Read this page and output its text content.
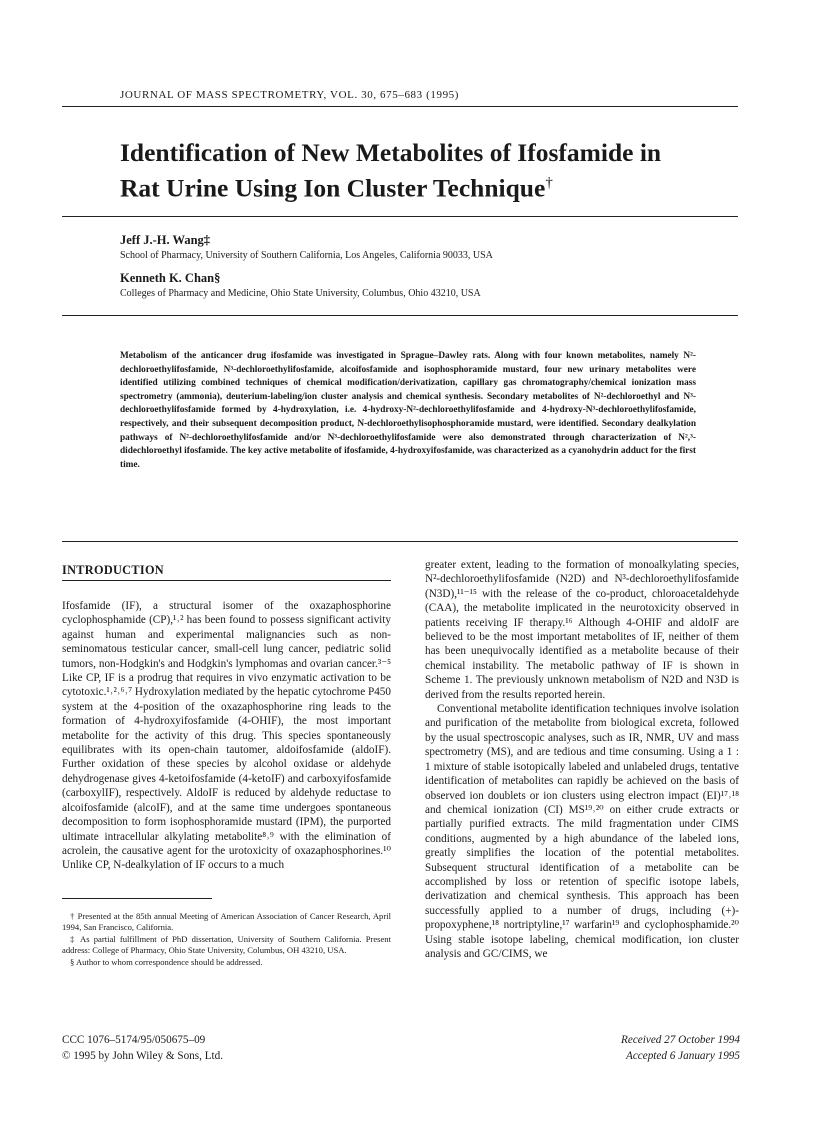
JOURNAL OF MASS SPECTROMETRY, VOL. 30, 675–683 (1995)
Identification of New Metabolites of Ifosfamide in
Rat Urine Using Ion Cluster Technique†
Jeff J.-H. Wang‡
School of Pharmacy, University of Southern California, Los Angeles, California 90033, USA
Kenneth K. Chan§
Colleges of Pharmacy and Medicine, Ohio State University, Columbus, Ohio 43210, USA
Metabolism of the anticancer drug ifosfamide was investigated in Sprague–Dawley rats. Along with four known metabolites, namely N²-dechloroethylifosfamide, N³-dechloroethylifosfamide, alcoifosfamide and isophosphoramide mustard, four new urinary metabolites were identified utilizing combined techniques of chemical modification/derivatization, capillary gas chromatography/chemical ionization mass spectrometry (ammonia), deuterium-labeling/ion cluster analysis and chemical synthesis. Secondary metabolites of N²-dechloroethyl and N³-dechloroethylifosfamide formed by 4-hydroxylation, i.e. 4-hydroxy-N²-dechloroethylifosfamide and 4-hydroxy-N³-dechloroethylifosfamide, respectively, and their subsequent decomposition product, N-dechloroethylisophosphoramide mustard, were identified. Secondary dealkylation pathways of N²-dechloroethylifosfamide and/or N³-dechloroethylifosfamide were also demonstrated through characterization of N²,³-didechloroethyl ifosfamide. The key active metabolite of ifosfamide, 4-hydroxyifosfamide, was characterized as a cyanohydrin adduct for the first time.
INTRODUCTION

Ifosfamide (IF), a structural isomer of the oxazaphosphorine cyclophosphamide (CP),¹˒² has been found to possess significant activity against human and experimental malignancies such as non-seminomatous testicular cancer, small-cell lung cancer, pediatric solid tumors, non-Hodgkin's and Hodgkin's lymphomas and ovarian cancer.³⁻⁵ Like CP, IF is a prodrug that requires in vivo enzymatic activation to be cytotoxic.¹˒²˒⁶˒⁷ Hydroxylation mediated by the hepatic cytochrome P450 system at the 4-position of the oxazaphosphorine ring leads to the formation of 4-hydroxyifosfamide (4-OHIF), the most important metabolite for the activity of this drug. This species spontaneously equilibrates with its open-chain tautomer, aldoifosfamide (aldoIF). Further oxidation of these species by alcohol oxidase or aldehyde dehydrogenase gives 4-ketoifosfamide (4-ketoIF) and carboxyifosfamide (carboxylIF), respectively. AldoIF is reduced by aldehyde reductase to alcoifosfamide (alcoIF), and at the same time undergoes spontaneous decomposition to form isophosphoramide mustard (IPM), the purported ultimate intracellular alkylating metabolite⁸˒⁹ with the elimination of acrolein, the causative agent for the urotoxicity of oxazaphosphorines.¹⁰ Unlike CP, N-dealkylation of IF occurs to a much

greater extent, leading to the formation of monoalkylating species, N²-dechloroethylifosfamide (N2D) and N³-dechloroethylifosfamide (N3D),¹¹⁻¹⁵ with the release of the co-product, chloroacetaldehyde (CAA), the metabolite implicated in the neurotoxicity observed in patients receiving IF therapy.¹⁶ Although 4-OHIF and aldoIF are believed to be the most important metabolites of IF, neither of them has been unequivocally identified as a metabolite because of their chemical instability. The metabolic pathway of IF is shown in Scheme 1. The previously unknown metabolism of N2D and N3D is derived from the results reported herein.

Conventional metabolite identification techniques involve isolation and purification of the metabolite from biological excreta, followed by the usual spectroscopic analyses, such as IR, NMR, UV and mass spectrometry (MS), and are tedious and time consuming. Using a 1 : 1 mixture of stable isotopically labeled and unlabeled drugs, tentative identification of metabolites can rapidly be achieved on the basis of observed ion doublets or ion clusters using electron impact (EI)¹⁷˒¹⁸ and chemical ionization (CI) MS¹⁹˒²⁰ on either crude extracts or partially purified extracts. The mild fragmentation under CIMS conditions, augmented by a high abundance of the labeled ions, greatly simplifies the location of the potential metabolites. Subsequent structural identification of a metabolite can be accomplished by loss or retention of specific isotope labels, derivatization and chemical synthesis. This approach has been successfully applied to a number of drugs, including (+)-propoxyphene,¹⁸ nortriptyline,¹⁷ warfarin¹⁹ and cyclophosphamide.²⁰ Using stable isotope labeling, chemical modification, ion cluster analysis and GC/CIMS, we

† Presented at the 85th annual Meeting of American Association of Cancer Research, April 1994, San Francisco, California.

‡ As partial fulfillment of PhD dissertation, University of Southern California. Present address: College of Pharmacy, Ohio State University, Columbus, OH 43210, USA.

§ Author to whom correspondence should be addressed.

CCC 1076–5174/95/050675–09
© 1995 by John Wiley & Sons, Ltd.
Received 27 October 1994
Accepted 6 January 1995
